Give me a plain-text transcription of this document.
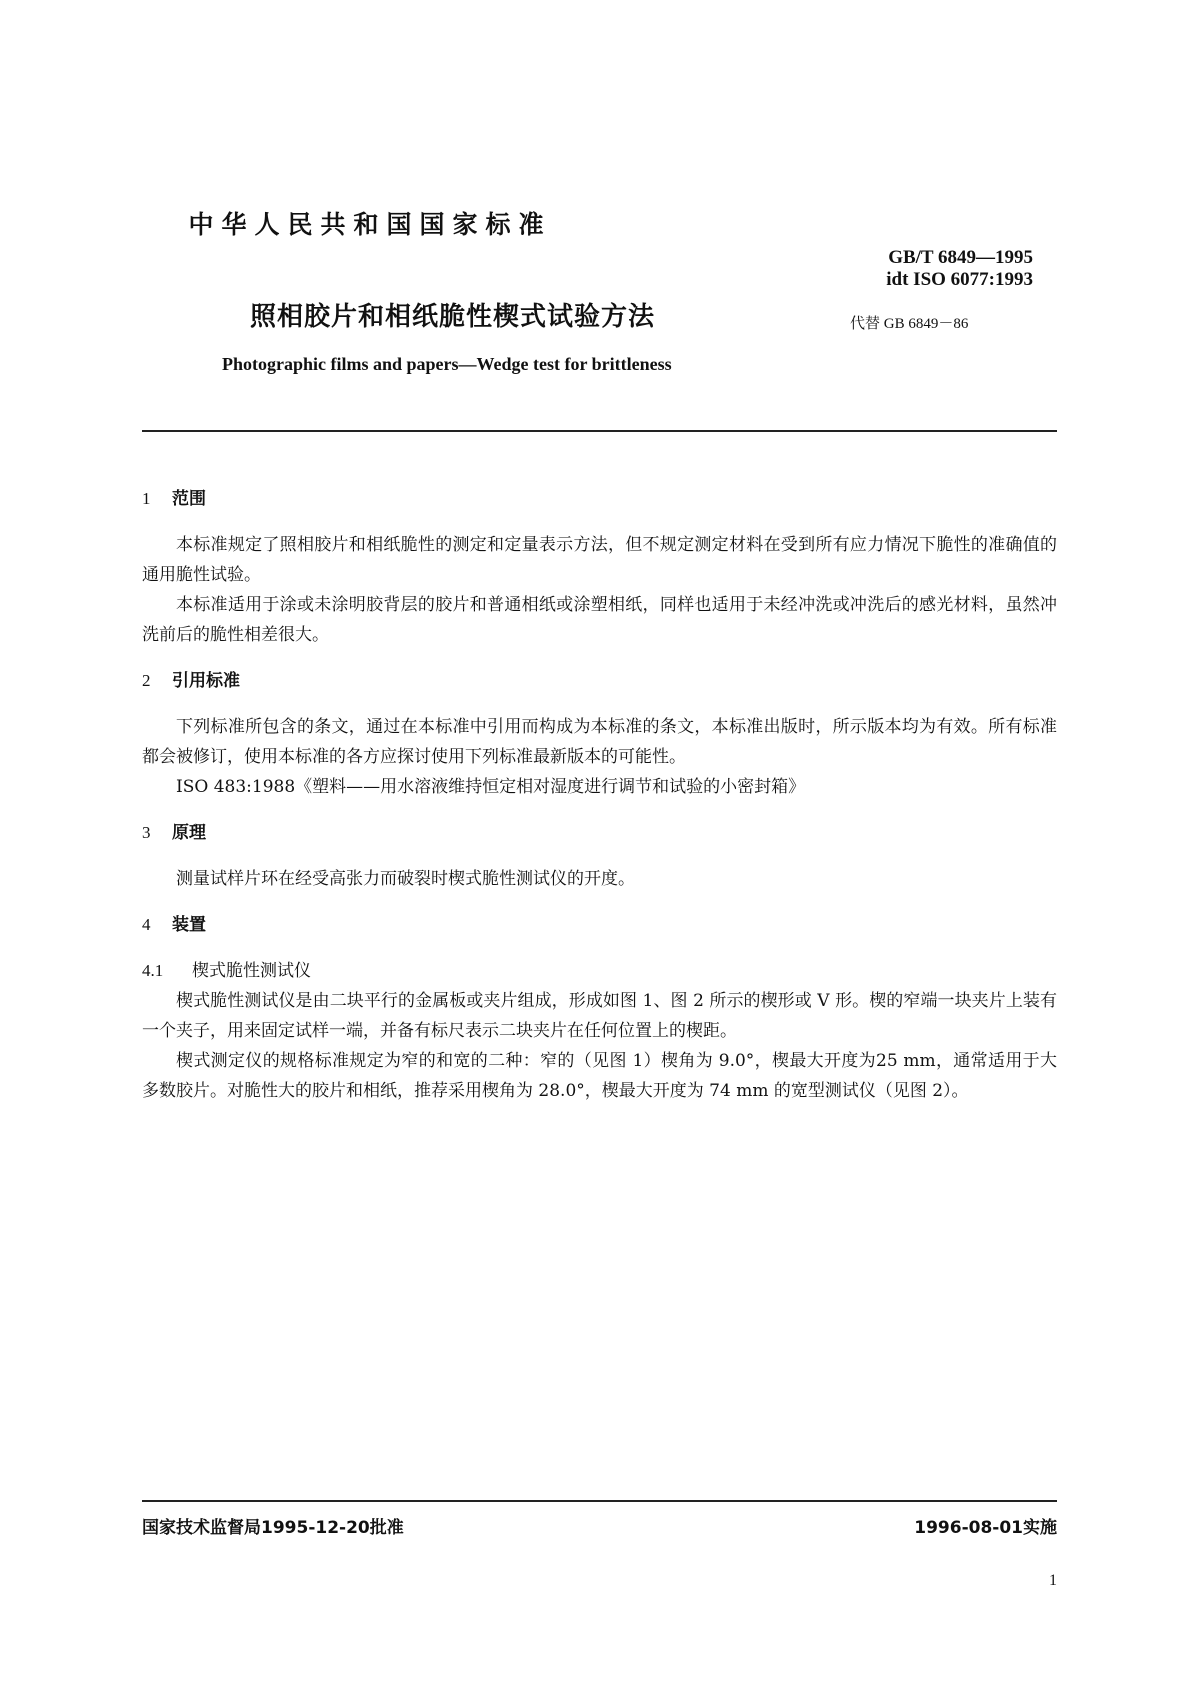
中华人民共和国国家标准
GB/T 6849—1995
idt ISO 6077:1993
照相胶片和相纸脆性楔式试验方法	代替 GB 6849－86
Photographic films and papers—Wedge test for brittleness
1 范围

本标准规定了照相胶片和相纸脆性的测定和定量表示方法，但不规定测定材料在受到所有应力情况下脆性的准确值的通用脆性试验。

本标准适用于涂或未涂明胶背层的胶片和普通相纸或涂塑相纸，同样也适用于未经冲洗或冲洗后的感光材料，虽然冲洗前后的脆性相差很大。

2 引用标准

下列标准所包含的条文，通过在本标准中引用而构成为本标准的条文，本标准出版时，所示版本均为有效。所有标准都会被修订，使用本标准的各方应探讨使用下列标准最新版本的可能性。

ISO 483:1988《塑料——用水溶液维持恒定相对湿度进行调节和试验的小密封箱》

3 原理

测量试样片环在经受高张力而破裂时楔式脆性测试仪的开度。

4 装置
4.1 楔式脆性测试仪

楔式脆性测试仪是由二块平行的金属板或夹片组成，形成如图 1、图 2 所示的楔形或 V 形。楔的窄端一块夹片上装有一个夹子，用来固定试样一端，并备有标尺表示二块夹片在任何位置上的楔距。

楔式测定仪的规格标准规定为窄的和宽的二种：窄的（见图 1）楔角为 9.0°，楔最大开度为25 mm，通常适用于大多数胶片。对脆性大的胶片和相纸，推荐采用楔角为 28.0°，楔最大开度为 74 mm 的宽型测试仪（见图 2）。

国家技术监督局1995-12-20批准	1996-08-01实施
1
